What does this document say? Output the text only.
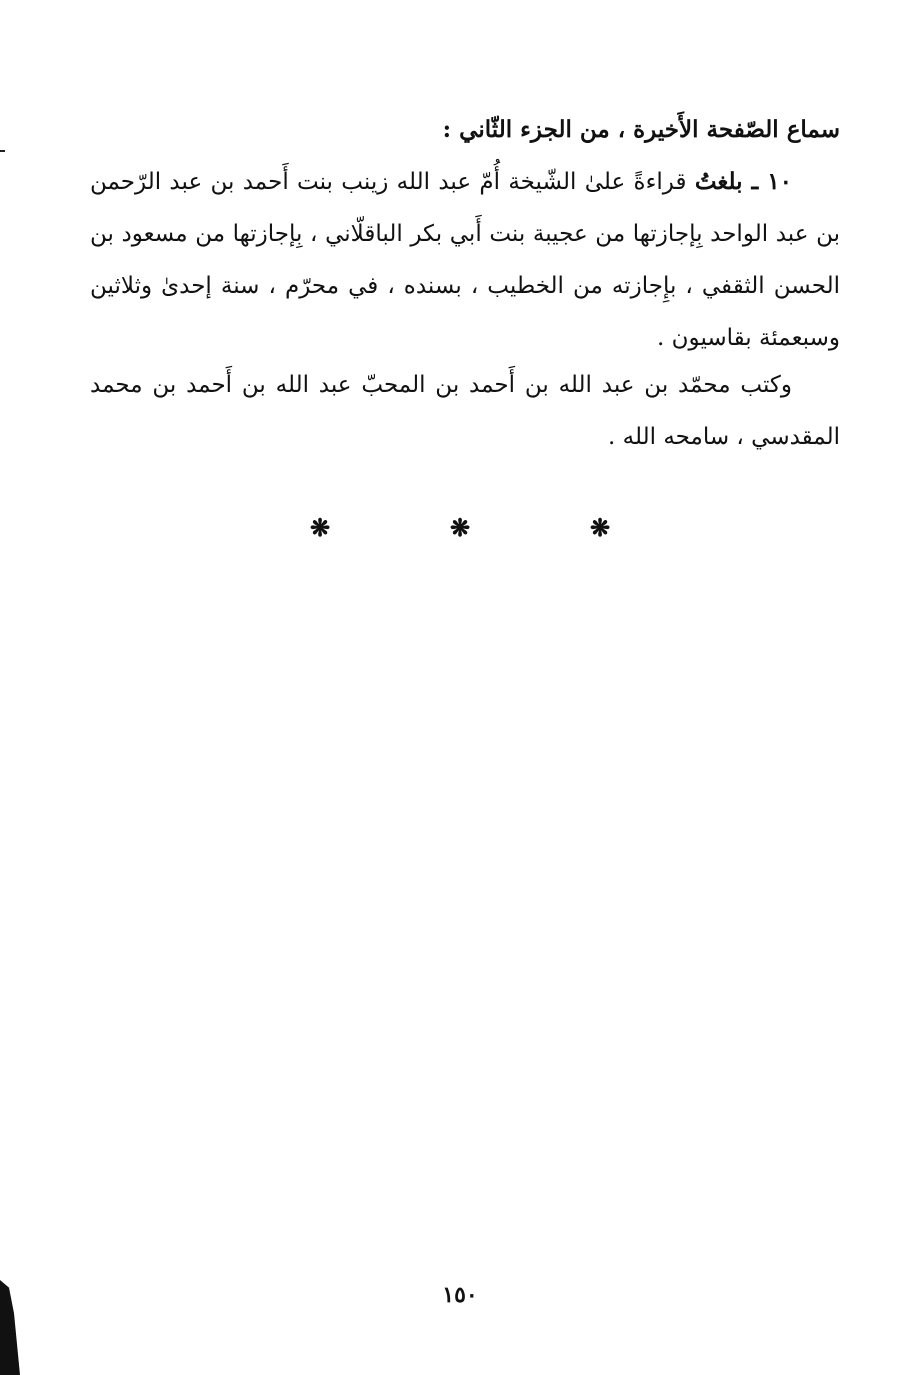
سماع الصّفحة الأَخيرة ، من الجزء الثّاني :
١٠ ـ بلغتُ قراءةً علىٰ الشّيخة أُمّ عبد الله زينب بنت أَحمد بن عبد الرّحمن بن عبد الواحد بِإجازتها من عجيبة بنت أَبي بكر الباقلّاني ، بِإجازتها من مسعود بن الحسن الثقفي ، بإِجازته من الخطيب ، بسنده ، في محرّم ، سنة إحدىٰ وثلاثين وسبعمئة بقاسيون .
وكتب محمّد بن عبد الله بن أَحمد بن المحبّ عبد الله بن أَحمد بن محمد المقدسي ، سامحه الله .
❋	❋	❋
١٥٠
